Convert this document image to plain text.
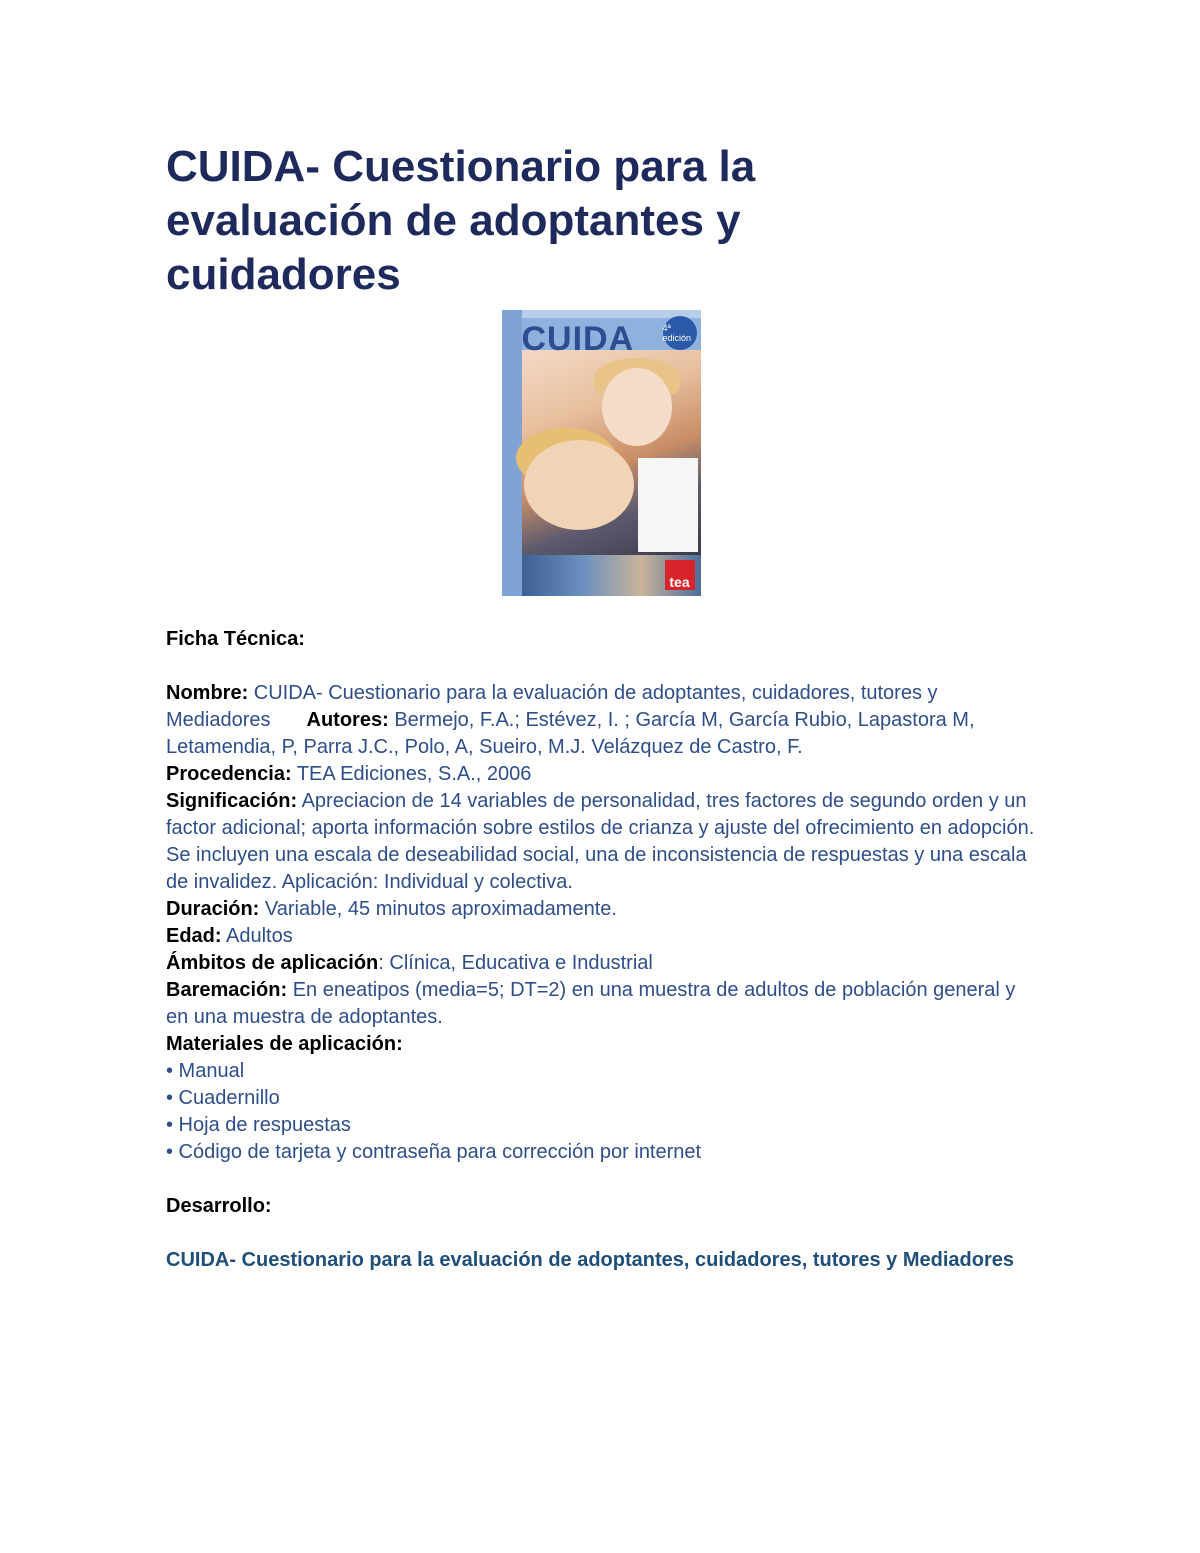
CUIDA- Cuestionario para la evaluación de adoptantes y cuidadores
CUIDA	4ª edición
tea
Ficha Técnica:
Nombre: CUIDA- Cuestionario para la evaluación de adoptantes, cuidadores, tutores y Mediadores Autores: Bermejo, F.A.; Estévez, I. ; García M, García Rubio, Lapastora M, Letamendia, P, Parra J.C., Polo, A, Sueiro, M.J. Velázquez de Castro, F.
Procedencia: TEA Ediciones, S.A., 2006
Significación: Apreciacion de 14 variables de personalidad, tres factores de segundo orden y un factor adicional; aporta información sobre estilos de crianza y ajuste del ofrecimiento en adopción. Se incluyen una escala de deseabilidad social, una de inconsistencia de respuestas y una escala de invalidez. Aplicación: Individual y colectiva.
Duración: Variable, 45 minutos aproximadamente.
Edad: Adultos
Ámbitos de aplicación: Clínica, Educativa e Industrial
Baremación: En eneatipos (media=5; DT=2) en una muestra de adultos de población general y en una muestra de adoptantes.
Materiales de aplicación:
• Manual
• Cuadernillo
• Hoja de respuestas
• Código de tarjeta y contraseña para corrección por internet
Desarrollo:
CUIDA- Cuestionario para la evaluación de adoptantes, cuidadores, tutores y Mediadores
